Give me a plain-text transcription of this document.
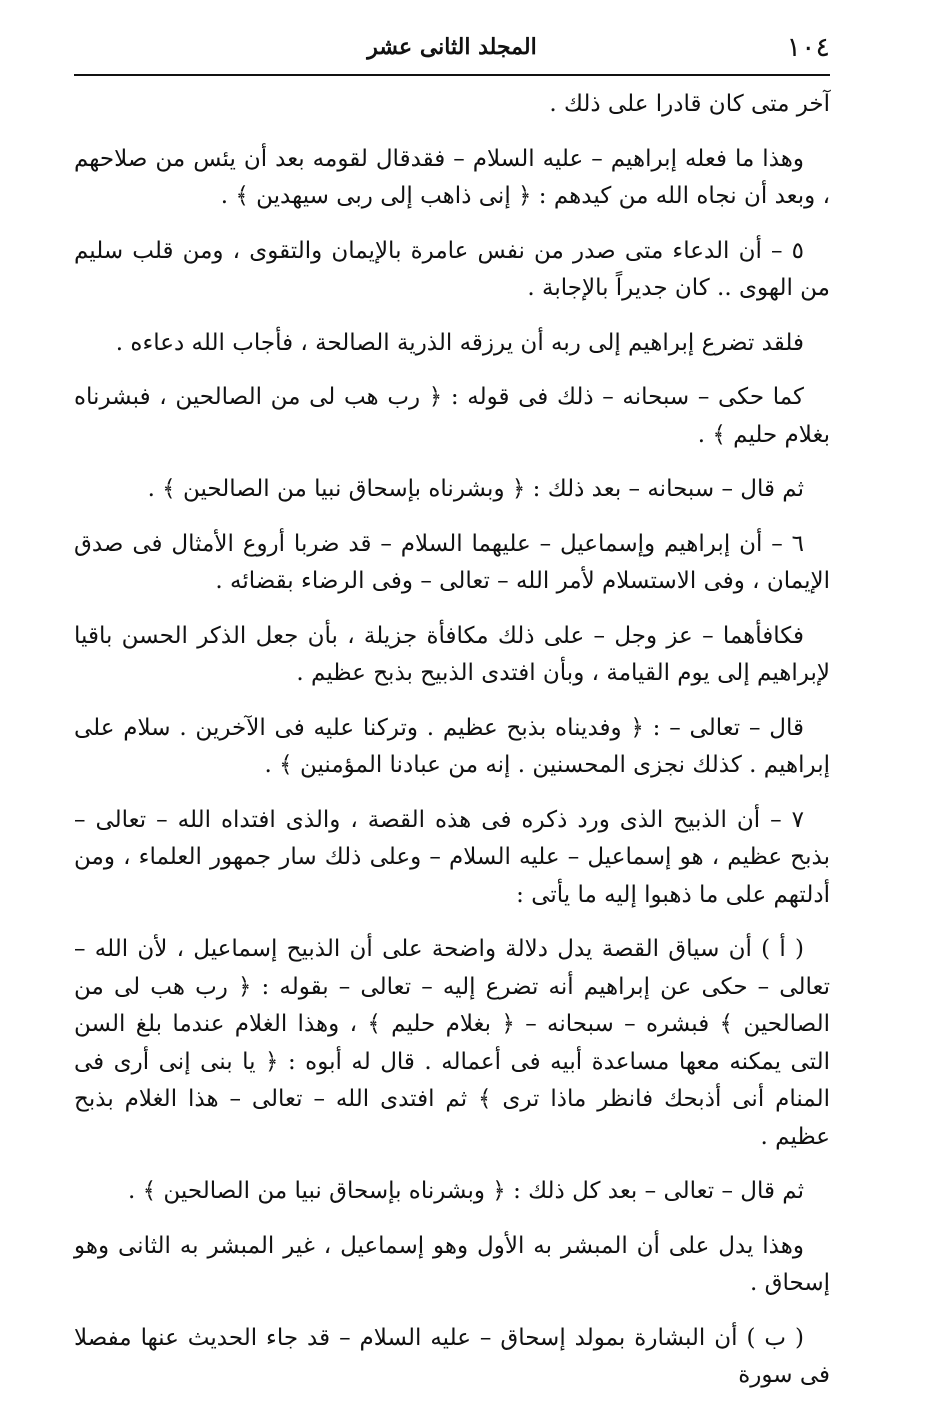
١٠٤
المجلد الثانى عشر

آخر متى كان قادرا على ذلك .

وهذا ما فعله إبراهيم – عليه السلام – فقدقال لقومه بعد أن يئس من صلاحهم ، وبعد أن نجاه الله من كيدهم : ﴿ إنى ذاهب إلى ربى سيهدين ﴾ .

٥ – أن الدعاء متى صدر من نفس عامرة بالإيمان والتقوى ، ومن قلب سليم من الهوى .. كان جديراً بالإجابة .

فلقد تضرع إبراهيم إلى ربه أن يرزقه الذرية الصالحة ، فأجاب الله دعاءه .

كما حكى – سبحانه – ذلك فى قوله : ﴿ رب هب لى من الصالحين ، فبشرناه بغلام حليم ﴾ .

ثم قال – سبحانه – بعد ذلك : ﴿ وبشرناه بإسحاق نبيا من الصالحين ﴾ .

٦ – أن إبراهيم وإسماعيل – عليهما السلام – قد ضربا أروع الأمثال فى صدق الإيمان ، وفى الاستسلام لأمر الله – تعالى – وفى الرضاء بقضائه .

فكافأهما – عز وجل – على ذلك مكافأة جزيلة ، بأن جعل الذكر الحسن باقيا لإبراهيم إلى يوم القيامة ، وبأن افتدى الذبيح بذبح عظيم .

قال – تعالى – : ﴿ وفديناه بذبح عظيم . وتركنا عليه فى الآخرين . سلام على إبراهيم . كذلك نجزى المحسنين . إنه من عبادنا المؤمنين ﴾ .

٧ – أن الذبيح الذى ورد ذكره فى هذه القصة ، والذى افتداه الله – تعالى – بذبح عظيم ، هو إسماعيل – عليه السلام – وعلى ذلك سار جمهور العلماء ، ومن أدلتهم على ما ذهبوا إليه ما يأتى :

( أ ) أن سياق القصة يدل دلالة واضحة على أن الذبيح إسماعيل ، لأن الله – تعالى – حكى عن إبراهيم أنه تضرع إليه – تعالى – بقوله : ﴿ رب هب لى من الصالحين ﴾ فبشره – سبحانه – ﴿ بغلام حليم ﴾ ، وهذا الغلام عندما بلغ السن التى يمكنه معها مساعدة أبيه فى أعماله . قال له أبوه : ﴿ يا بنى إنى أرى فى المنام أنى أذبحك فانظر ماذا ترى ﴾ ثم افتدى الله – تعالى – هذا الغلام بذبح عظيم .

ثم قال – تعالى – بعد كل ذلك : ﴿ وبشرناه بإسحاق نبيا من الصالحين ﴾ .

وهذا يدل على أن المبشر به الأول وهو إسماعيل ، غير المبشر به الثانى وهو إسحاق .

( ب ) أن البشارة بمولد إسحاق – عليه السلام – قد جاء الحديث عنها مفصلا فى سورة
